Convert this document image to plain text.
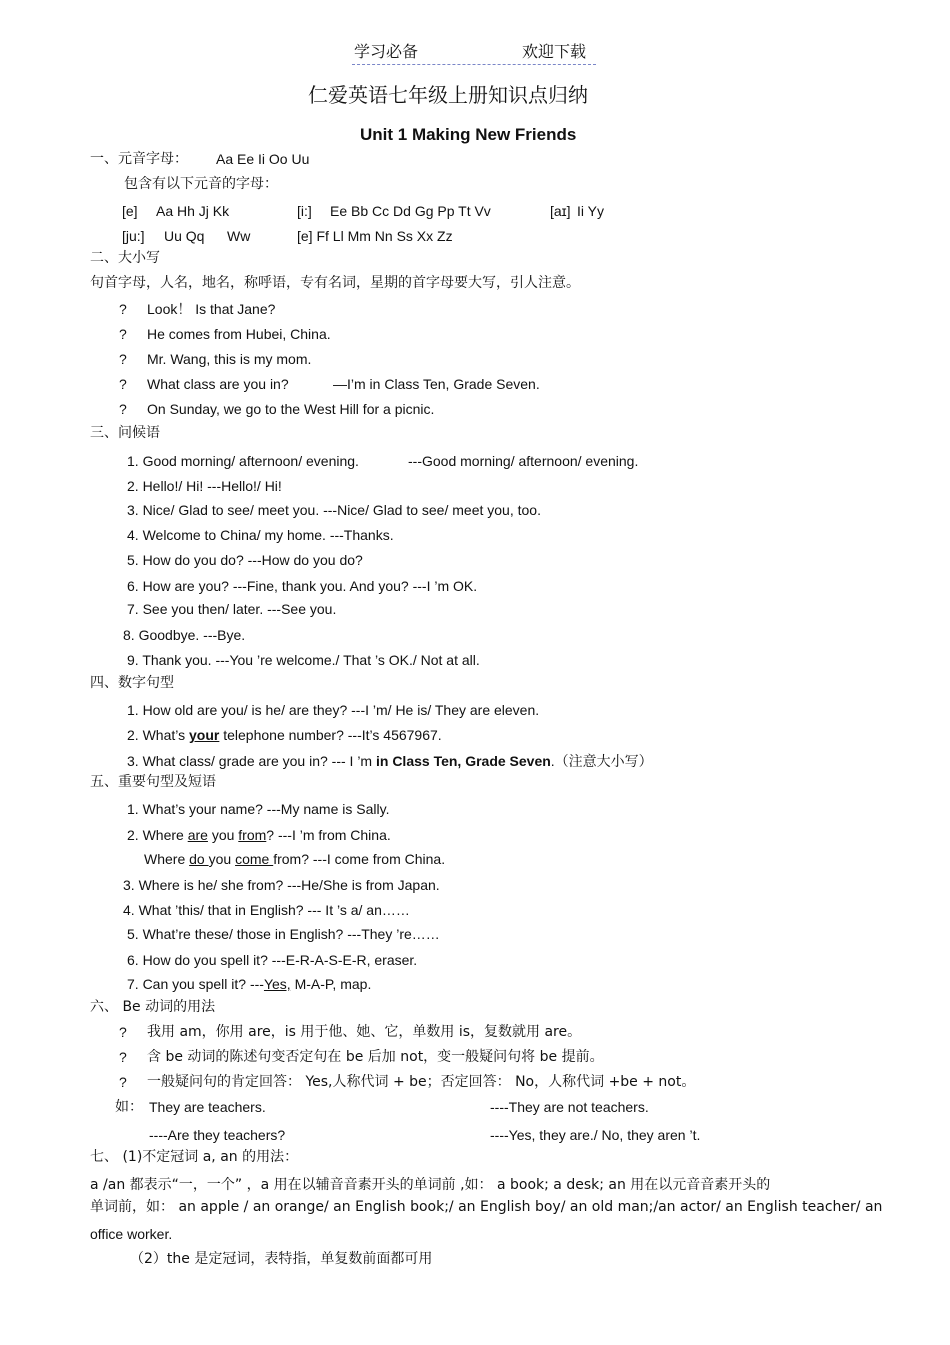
学习必备	欢迎下载
仁爱英语七年级上册知识点归纳
Unit 1 Making New Friends
一、元音字母： Aa Ee Ii Oo Uu
包含有以下元音的字母：
[e] Aa Hh Jj Kk	[i:] Ee Bb Cc Dd Gg Pp Tt Vv	[aɪ] Ii Yy
[ju:] Uu Qq Ww	[e] Ff Ll Mm Nn Ss Xx Zz
二、大小写
句首字母，人名，地名，称呼语，专有名词，星期的首字母要大写，引人注意。
? Look！ Is that Jane?
? He comes from Hubei, China.
? Mr. Wang, this is my mom.
? What class are you in?	—I’m in Class Ten, Grade Seven.
? On Sunday, we go to the West Hill for a picnic.
三、问候语
1. Good morning/ afternoon/ evening.	---Good morning/ afternoon/ evening.
2. Hello!/ Hi! ---Hello!/ Hi!
3. Nice/ Glad to see/ meet you. ---Nice/ Glad to see/ meet you, too.
4. Welcome to China/ my home. ---Thanks.
5. How do you do? ---How do you do?
6. How are you? ---Fine, thank you. And you? ---I ’m OK.
7. See you then/ later. ---See you.
8. Goodbye. ---Bye.
9. Thank you. ---You ’re welcome./ That ’s OK./ Not at all.
四、数字句型
1. How old are you/ is he/ are they? ---I ’m/ He is/ They are eleven.
2. What’s your telephone number? ---It’s 4567967.
3. What class/ grade are you in? --- I ’m in Class Ten, Grade Seven.（注意大小写）
五、重要句型及短语
1. What’s your name? ---My name is Sally.
2. Where are you from? ---I ’m from China.
Where do you come from? ---I come from China.
3. Where is he/ she from? ---He/She is from Japan.
4. What ’this/ that in English? --- It ’s a/ an……
5. What’re these/ those in English? ---They ’re……
6. How do you spell it? ---E-R-A-S-E-R, eraser.
7. Can you spell it? ---Yes, M-A-P, map.
六、 Be 动词的用法
? 我用 am，你用 are，is 用于他、她、它，单数用 is，复数就用 are。
? 含 be 动词的陈述句变否定句在 be 后加 not，变一般疑问句将 be 提前。
? 一般疑问句的肯定回答： Yes,人称代词 + be；否定回答： No，人称代词 +be + not。
如： They are teachers.	----They are not teachers.
----Are they teachers?	----Yes, they are./ No, they aren ’t.
七、 (1)不定冠词 a, an 的用法：
a /an 都表示“一，一个” ，a 用在以辅音音素开头的单词前 ,如： a book; a desk; an 用在以元音音素开头的
单词前，如： an apple / an orange/ an English book;/ an English boy/ an old man;/an actor/ an English teacher/ an
office worker.
（2）the 是定冠词，表特指，单复数前面都可用
